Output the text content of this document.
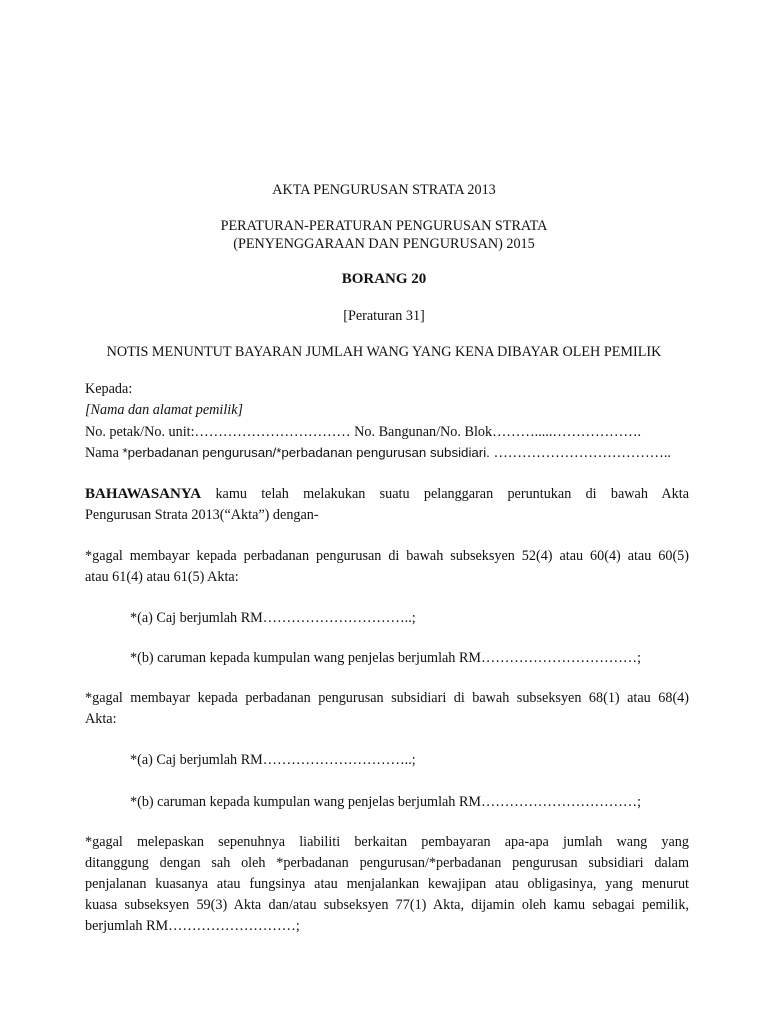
AKTA PENGURUSAN STRATA 2013
PERATURAN-PERATURAN PENGURUSAN STRATA
(PENYENGGARAAN DAN PENGURUSAN) 2015
BORANG 20
[Peraturan 31]
NOTIS MENUNTUT BAYARAN JUMLAH WANG YANG KENA DIBAYAR OLEH PEMILIK
Kepada:
[Nama dan alamat pemilik]
No. petak/No. unit:…………………………… No. Bangunan/No. Blok……….....……………….
Nama *perbadanan pengurusan/*perbadanan pengurusan subsidiari. ………………………………..
BAHAWASANYA kamu telah melakukan suatu pelanggaran peruntukan di bawah Akta
Pengurusan Strata 2013(“Akta”) dengan-
*gagal membayar kepada perbadanan pengurusan di bawah subseksyen 52(4) atau 60(4) atau 60(5)
atau 61(4) atau 61(5) Akta:
*(a) Caj berjumlah RM…………………………..;
*(b) caruman kepada kumpulan wang penjelas berjumlah RM……………………………;
*gagal membayar kepada perbadanan pengurusan subsidiari di bawah subseksyen 68(1) atau 68(4)
Akta:
*(a) Caj berjumlah RM…………………………..;
*(b) caruman kepada kumpulan wang penjelas berjumlah RM……………………………;
*gagal melepaskan sepenuhnya liabiliti berkaitan pembayaran apa-apa jumlah wang yang
ditanggung dengan sah oleh *perbadanan pengurusan/*perbadanan pengurusan subsidiari dalam
penjalanan kuasanya atau fungsinya atau menjalankan kewajipan atau obligasinya, yang menurut
kuasa subseksyen 59(3) Akta dan/atau subseksyen 77(1) Akta, dijamin oleh kamu sebagai pemilik,
berjumlah RM………………………;
